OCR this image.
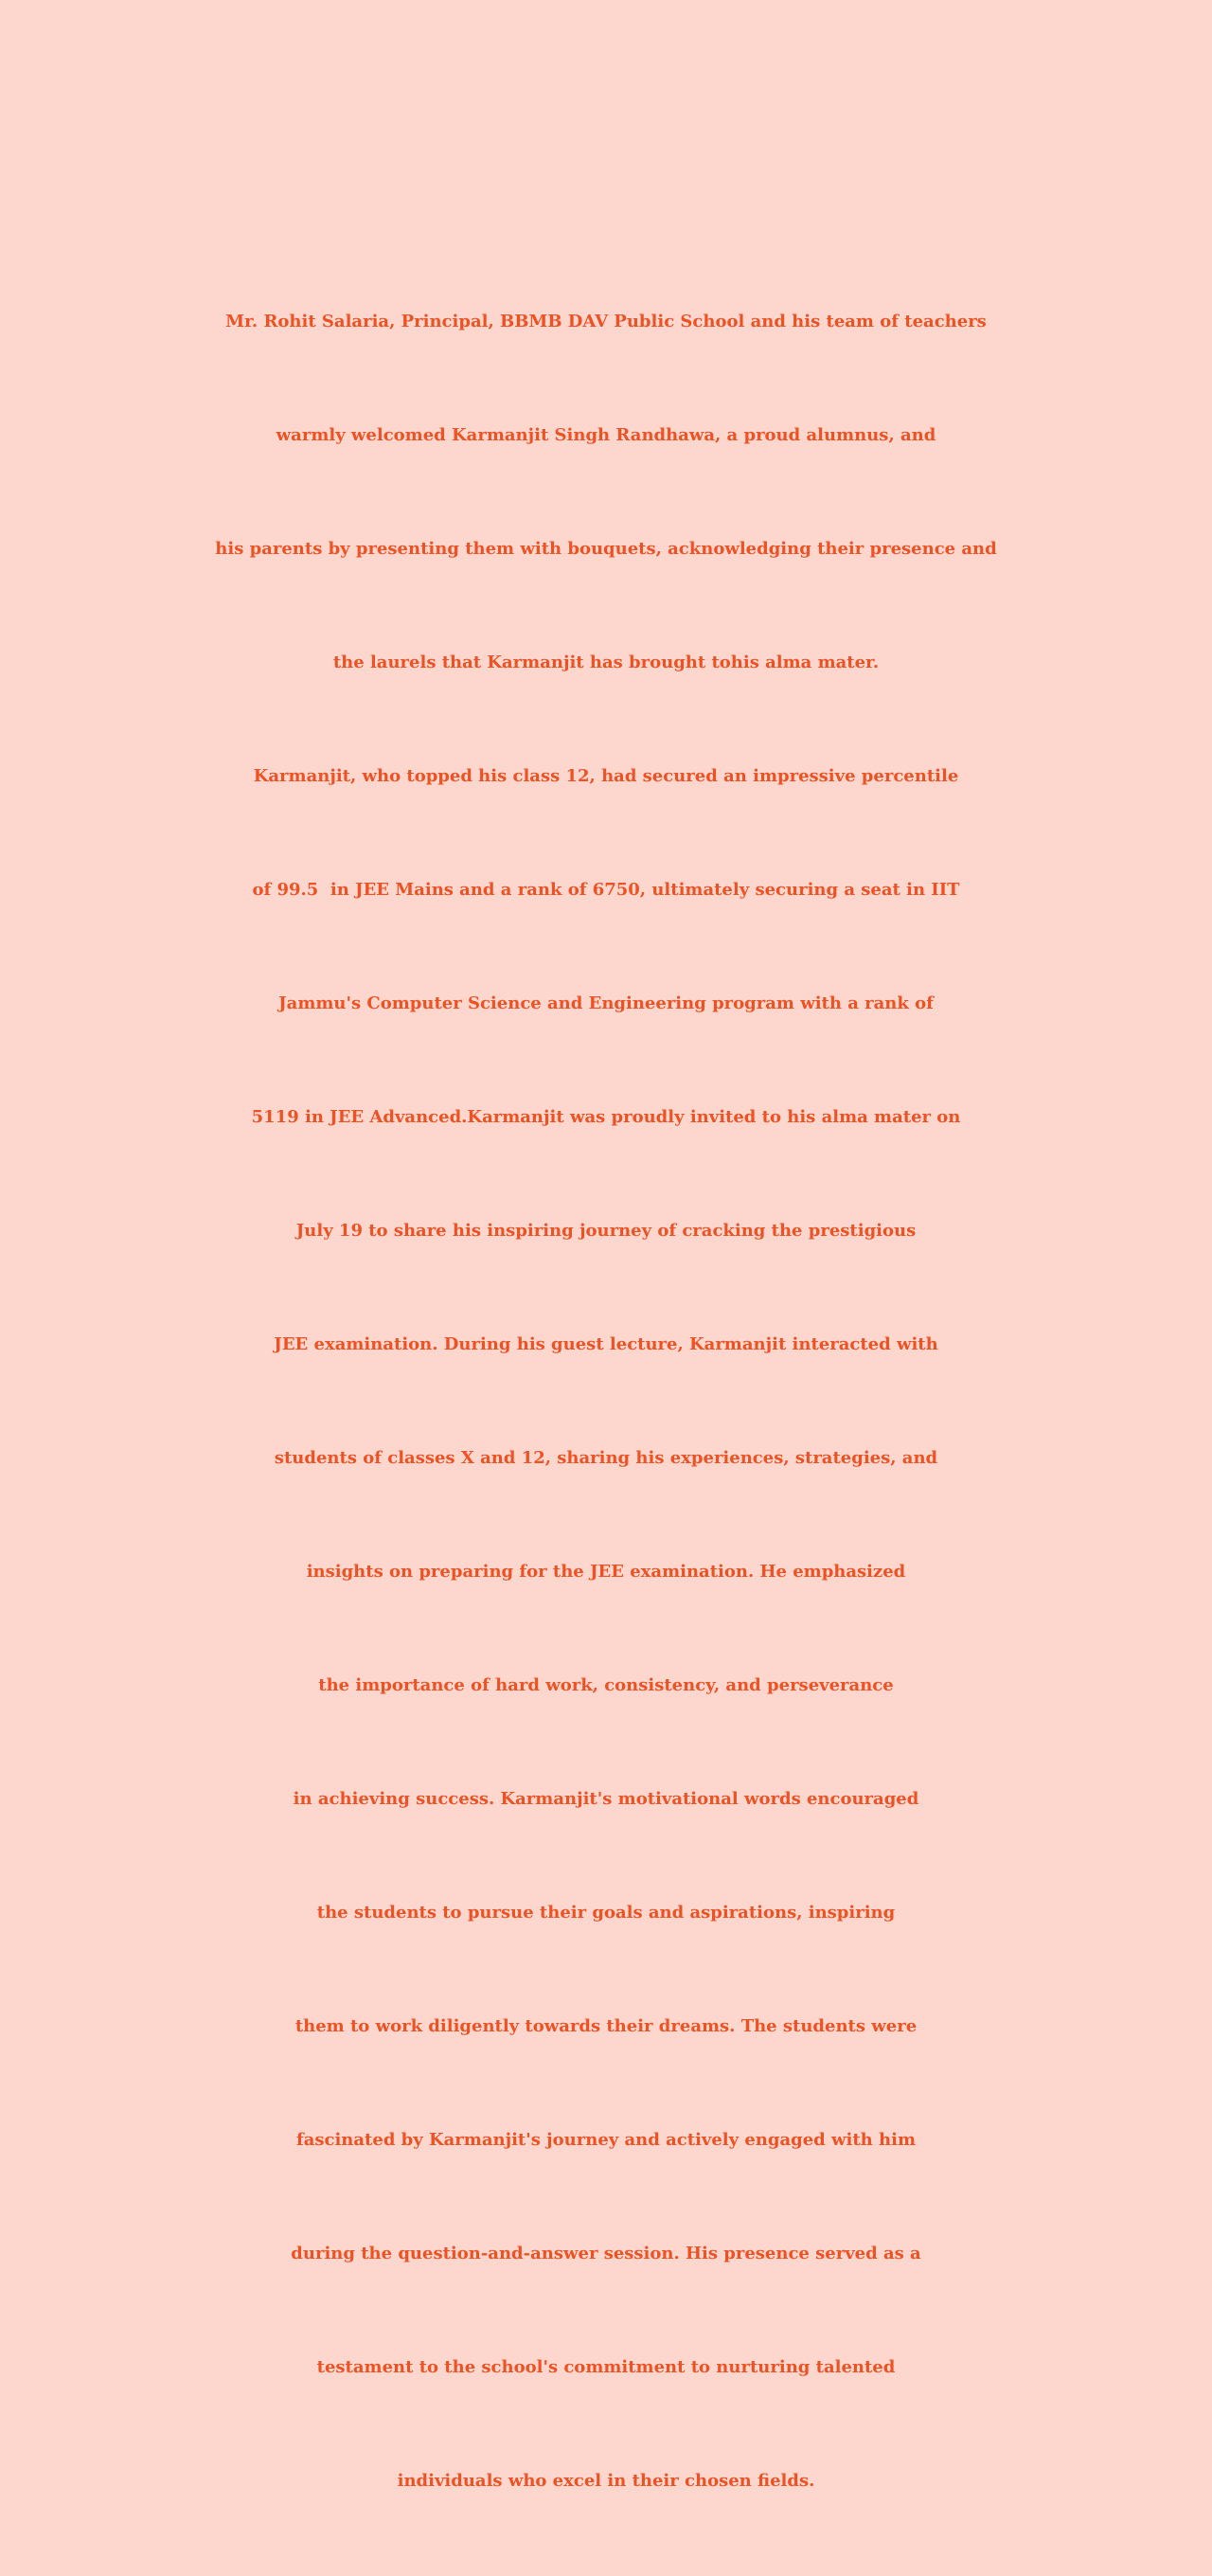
Mr. Rohit Salaria, Principal, BBMB DAV Public School and his team of teachers

warmly welcomed Karmanjit Singh Randhawa, a proud alumnus, and

his parents by presenting them with bouquets, acknowledging their presence and

the laurels that Karmanjit has brought tohis alma mater.

Karmanjit, who topped his class 12, had secured an impressive percentile

of 99.5  in JEE Mains and a rank of 6750, ultimately securing a seat in IIT

Jammu's Computer Science and Engineering program with a rank of

5119 in JEE Advanced.Karmanjit was proudly invited to his alma mater on

July 19 to share his inspiring journey of cracking the prestigious

JEE examination. During his guest lecture, Karmanjit interacted with

students of classes X and 12, sharing his experiences, strategies, and

insights on preparing for the JEE examination. He emphasized

the importance of hard work, consistency, and perseverance

in achieving success. Karmanjit's motivational words encouraged

the students to pursue their goals and aspirations, inspiring

them to work diligently towards their dreams. The students were

fascinated by Karmanjit's journey and actively engaged with him

during the question-and-answer session. His presence served as a

testament to the school's commitment to nurturing talented

individuals who excel in their chosen fields.
